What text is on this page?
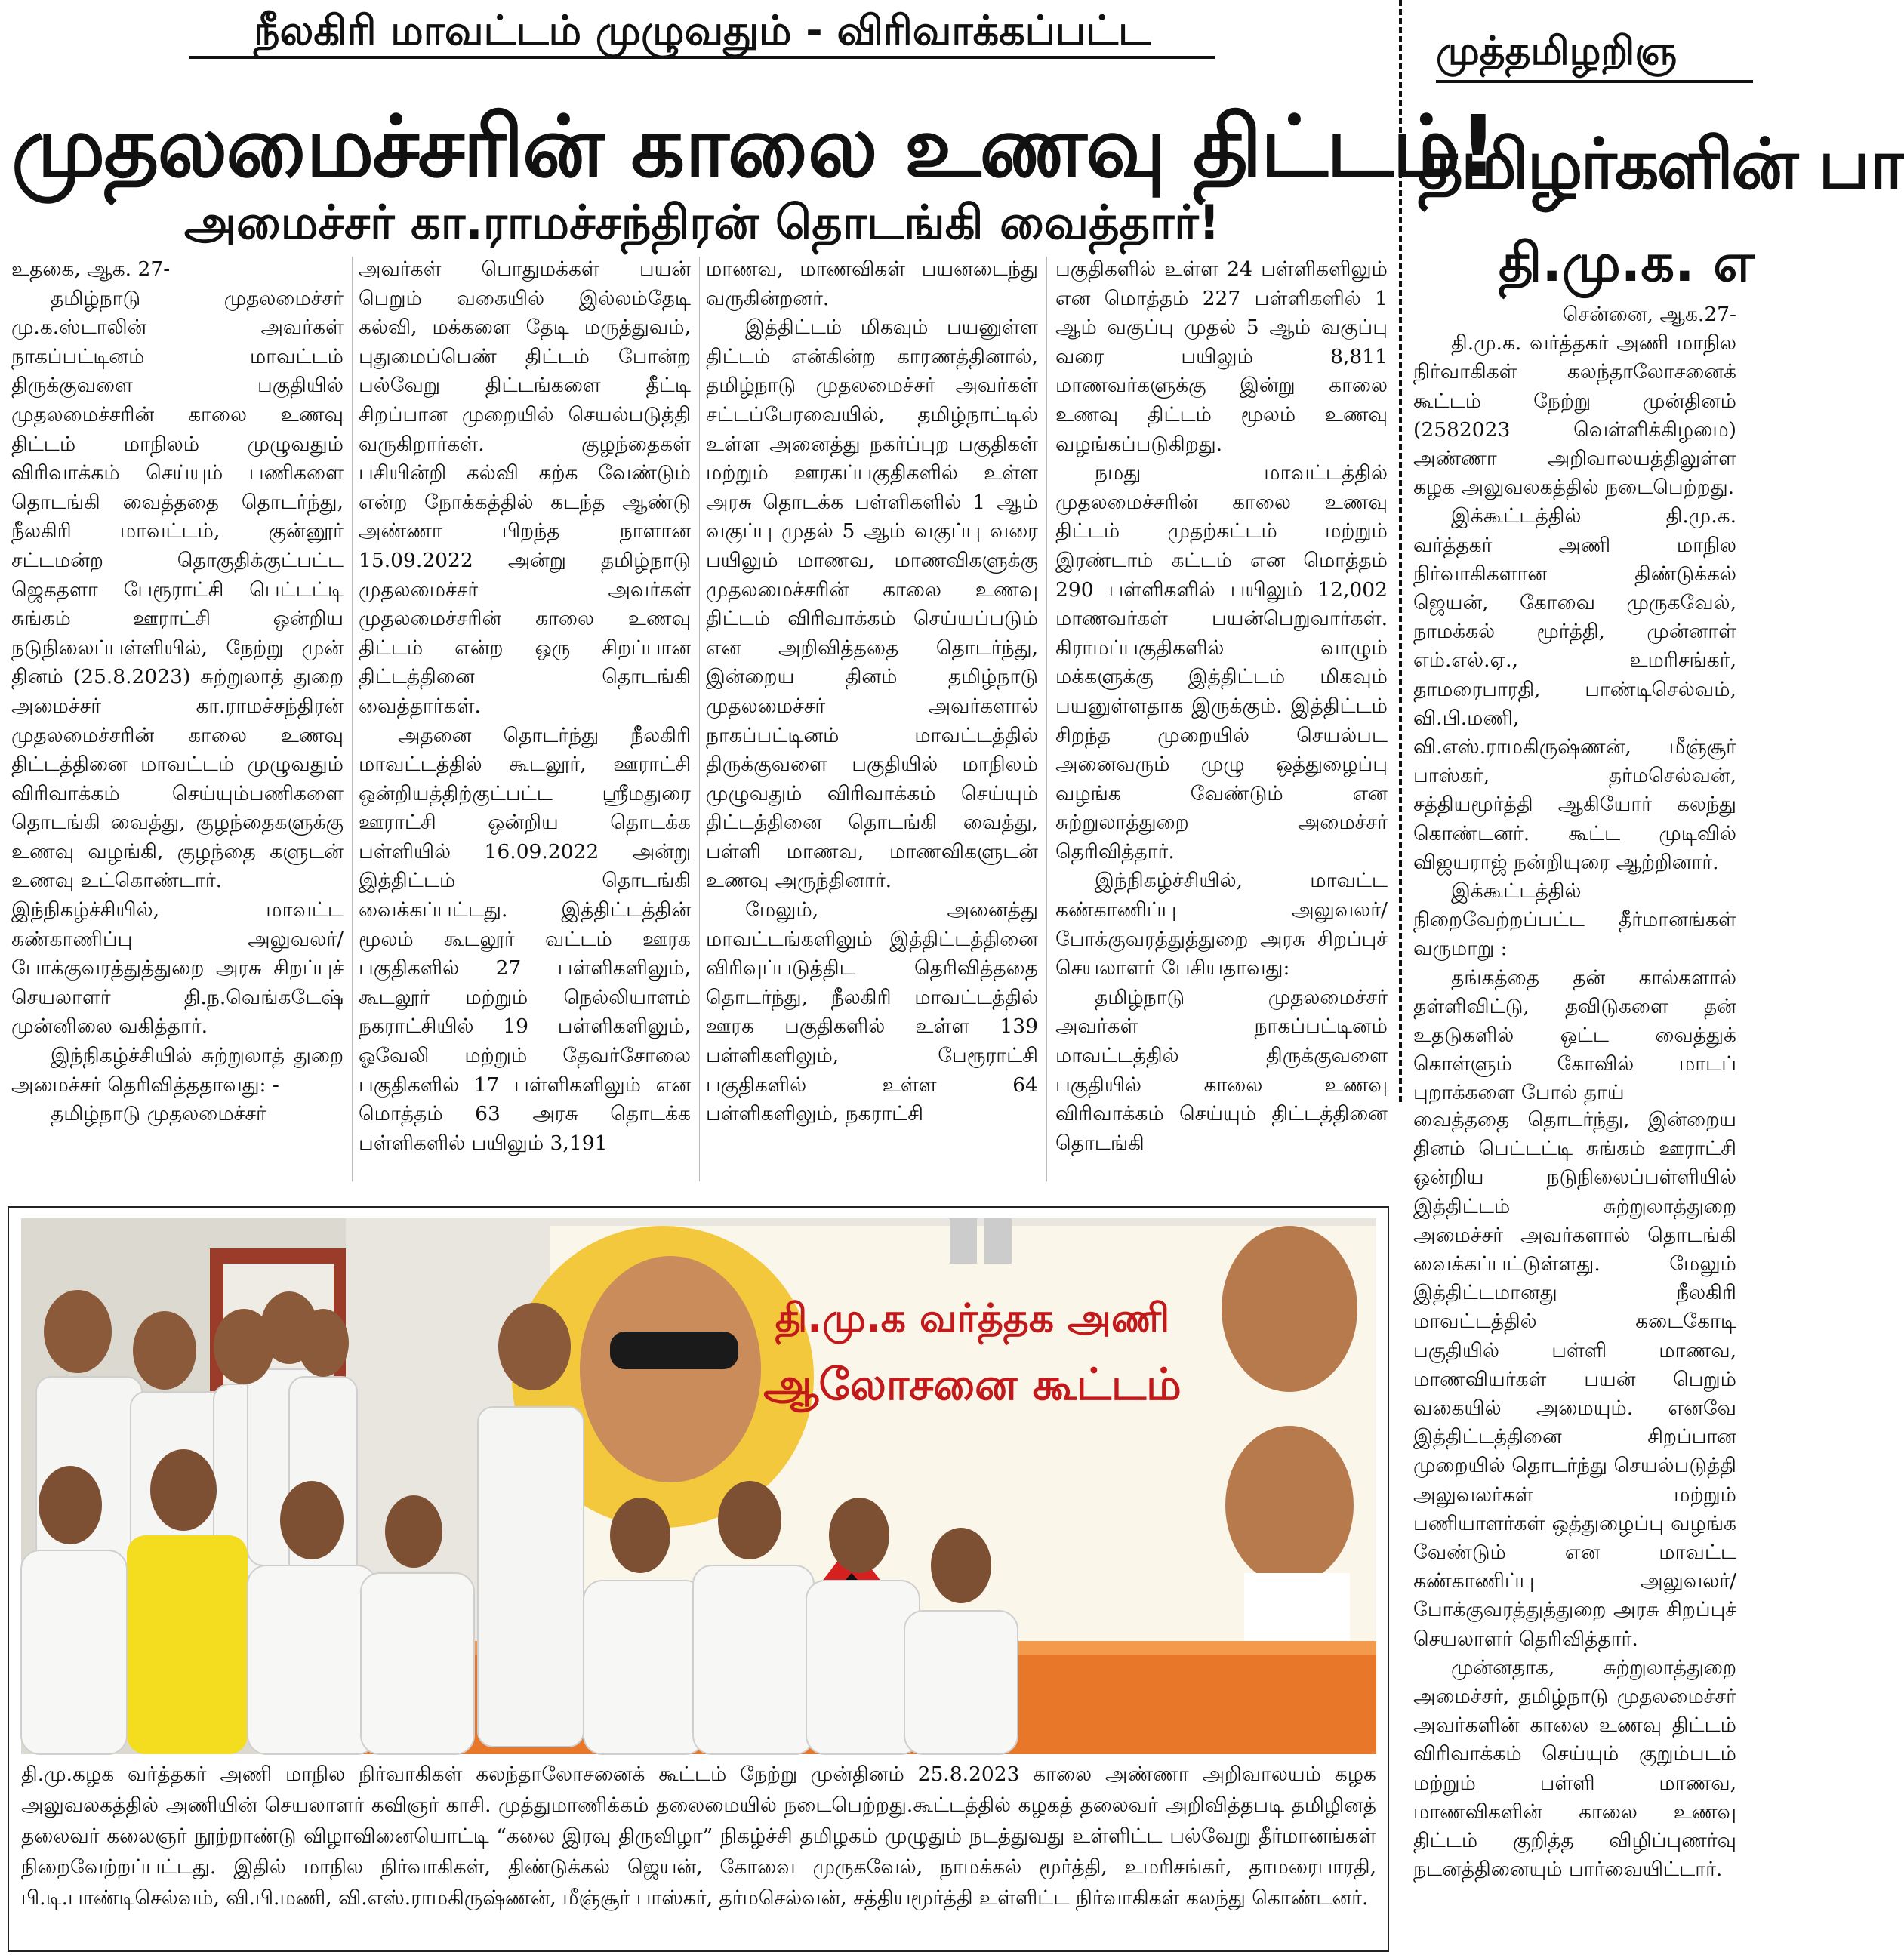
நீலகிரி மாவட்டம் முழுவதும் - விரிவாக்கப்பட்ட
முதலமைச்சரின் காலை உணவு திட்டம்!
அமைச்சர் கா.ராமச்சந்திரன் தொடங்கி வைத்தார்!

உதகை, ஆக. 27-

தமிழ்நாடு முதலமைச்சர் மு.க.ஸ்டாலின் அவர்கள் நாகப்பட்டினம் மாவட்டம் திருக்குவளை பகுதியில் முதலமைச்சரின் காலை உணவு திட்டம் மாநிலம் முழுவதும் விரிவாக்கம் செய்யும் பணிகளை தொடங்கி வைத்ததை தொடர்ந்து, நீலகிரி மாவட்டம், குன்னூர் சட்டமன்ற தொகுதிக்குட்பட்ட ஜெகதளா பேரூராட்சி பெட்டட்டி சுங்கம் ஊராட்சி ஒன்றிய நடுநிலைப்பள்ளியில், நேற்று முன் தினம் (25.8.2023) சுற்றுலாத் துறை அமைச்சர் கா.ராமச்சந்திரன் முதலமைச்சரின் காலை உணவு திட்டத்தினை மாவட்டம் முழுவதும் விரிவாக்கம் செய்யும்பணிகளை தொடங்கி வைத்து, குழந்தைகளுக்கு உணவு வழங்கி, குழந்தை களுடன் உணவு உட்கொண்டார்.

இந்நிகழ்ச்சியில், மாவட்ட கண்காணிப்பு அலுவலர்/ போக்குவரத்துத்துறை அரசு சிறப்புச் செயலாளர் தி.ந.வெங்கடேஷ் முன்னிலை வகித்தார்.

இந்நிகழ்ச்சியில் சுற்றுலாத் துறை அமைச்சர் தெரிவித்ததாவது: -

தமிழ்நாடு முதலமைச்சர்

அவர்கள் பொதுமக்கள் பயன் பெறும் வகையில் இல்லம்தேடி கல்வி, மக்களை தேடி மருத்துவம், புதுமைப்பெண் திட்டம் போன்ற பல்வேறு திட்டங்களை தீட்டி சிறப்பான முறையில் செயல்படுத்தி வருகிறார்கள். குழந்தைகள் பசியின்றி கல்வி கற்க வேண்டும் என்ற நோக்கத்தில் கடந்த ஆண்டு அண்ணா பிறந்த நாளான 15.09.2022 அன்று தமிழ்நாடு முதலமைச்சர் அவர்கள் முதலமைச்சரின் காலை உணவு திட்டம் என்ற ஒரு சிறப்பான திட்டத்தினை தொடங்கி வைத்தார்கள்.

அதனை தொடர்ந்து நீலகிரி மாவட்டத்தில் கூடலூர், ஊராட்சி ஒன்றியத்திற்குட்பட்ட ஸ்ரீமதுரை ஊராட்சி ஒன்றிய தொடக்க பள்ளியில் 16.09.2022 அன்று இத்திட்டம் தொடங்கி வைக்கப்பட்டது. இத்திட்டத்தின் மூலம் கூடலூர் வட்டம் ஊரக பகுதிகளில் 27 பள்ளிகளிலும், கூடலூர் மற்றும் நெல்லியாளம் நகராட்சியில் 19 பள்ளிகளிலும், ஓவேலி மற்றும் தேவர்சோலை பகுதிகளில் 17 பள்ளிகளிலும் என மொத்தம் 63 அரசு தொடக்க பள்ளிகளில் பயிலும் 3,191

மாணவ, மாணவிகள் பயனடைந்து வருகின்றனர்.

இத்திட்டம் மிகவும் பயனுள்ள திட்டம் என்கின்ற காரணத்தினால், தமிழ்நாடு முதலமைச்சர் அவர்கள் சட்டப்பேரவையில், தமிழ்நாட்டில் உள்ள அனைத்து நகர்ப்புற பகுதிகள் மற்றும் ஊரகப்பகுதிகளில் உள்ள அரசு தொடக்க பள்ளிகளில் 1 ஆம் வகுப்பு முதல் 5 ஆம் வகுப்பு வரை பயிலும் மாணவ, மாணவிகளுக்கு முதலமைச்சரின் காலை உணவு திட்டம் விரிவாக்கம் செய்யப்படும் என அறிவித்ததை தொடர்ந்து, இன்றைய தினம் தமிழ்நாடு முதலமைச்சர் அவர்களால் நாகப்பட்டினம் மாவட்டத்தில் திருக்குவளை பகுதியில் மாநிலம் முழுவதும் விரிவாக்கம் செய்யும் திட்டத்தினை தொடங்கி வைத்து, பள்ளி மாணவ, மாணவிகளுடன் உணவு அருந்தினார்.

மேலும், அனைத்து மாவட்டங்களிலும் இத்திட்டத்தினை விரிவுப்படுத்திட தெரிவித்ததை தொடர்ந்து, நீலகிரி மாவட்டத்தில் ஊரக பகுதிகளில் உள்ள 139 பள்ளிகளிலும், பேரூராட்சி பகுதிகளில் உள்ள 64 பள்ளிகளிலும், நகராட்சி

பகுதிகளில் உள்ள 24 பள்ளிகளிலும் என மொத்தம் 227 பள்ளிகளில் 1 ஆம் வகுப்பு முதல் 5 ஆம் வகுப்பு வரை பயிலும் 8,811 மாணவர்களுக்கு இன்று காலை உணவு திட்டம் மூலம் உணவு வழங்கப்படுகிறது.

நமது மாவட்டத்தில் முதலமைச்சரின் காலை உணவு திட்டம் முதற்கட்டம் மற்றும் இரண்டாம் கட்டம் என மொத்தம் 290 பள்ளிகளில் பயிலும் 12,002 மாணவர்கள் பயன்பெறுவார்கள். கிராமப்பகுதிகளில் வாழும் மக்களுக்கு இத்திட்டம் மிகவும் பயனுள்ளதாக இருக்கும். இத்திட்டம் சிறந்த முறையில் செயல்பட அனைவரும் முழு ஒத்துழைப்பு வழங்க வேண்டும் என சுற்றுலாத்துறை அமைச்சர் தெரிவித்தார்.

இந்நிகழ்ச்சியில், மாவட்ட கண்காணிப்பு அலுவலர்/ போக்குவரத்துத்துறை அரசு சிறப்புச் செயலாளர் பேசியதாவது:

தமிழ்நாடு முதலமைச்சர் அவர்கள் நாகப்பட்டினம் மாவட்டத்தில் திருக்குவளை பகுதியில் காலை உணவு விரிவாக்கம் செய்யும் திட்டத்தினை தொடங்கி

முத்தமிழறிஞ
தமிழர்களின் பா
தி.மு.க. எ

சென்னை, ஆக.27-

தி.மு.க. வர்த்தகர் அணி மாநில நிர்வாகிகள் கலந்தாலோசனைக் கூட்டம் நேற்று முன்தினம் (2582023 வெள்ளிக்கிழமை) அண்ணா அறிவாலயத்திலுள்ள கழக அலுவலகத்தில் நடைபெற்றது.

இக்கூட்டத்தில் தி.மு.க. வர்த்தகர் அணி மாநில நிர்வாகிகளான திண்டுக்கல் ஜெயன், கோவை முருகவேல், நாமக்கல் மூர்த்தி, முன்னாள் எம்.எல்.ஏ., உமரிசங்கர், தாமரைபாரதி, பாண்டிசெல்வம், வி.பி.மணி, வி.எஸ்.ராமகிருஷ்ணன், மீஞ்சூர் பாஸ்கர், தர்மசெல்வன், சத்தியமூர்த்தி ஆகியோர் கலந்து கொண்டனர். கூட்ட முடிவில் விஜயராஜ் நன்றியுரை ஆற்றினார்.

இக்கூட்டத்தில் நிறைவேற்றப்பட்ட தீர்மானங்கள் வருமாறு :

தங்கத்தை தன் கால்களால் தள்ளிவிட்டு, தவிடுகளை தன் உதடுகளில் ஒட்ட வைத்துக் கொள்ளும் கோவில் மாடப் புறாக்களை போல் தாய்

வைத்ததை தொடர்ந்து, இன்றைய தினம் பெட்டட்டி சுங்கம் ஊராட்சி ஒன்றிய நடுநிலைப்பள்ளியில் இத்திட்டம் சுற்றுலாத்துறை அமைச்சர் அவர்களால் தொடங்கி வைக்கப்பட்டுள்ளது. மேலும் இத்திட்டமானது நீலகிரி மாவட்டத்தில் கடைகோடி பகுதியில் பள்ளி மாணவ, மாணவியர்கள் பயன் பெறும் வகையில் அமையும். எனவே இத்திட்டத்தினை சிறப்பான முறையில் தொடர்ந்து செயல்படுத்தி அலுவலர்கள் மற்றும் பணியாளர்கள் ஒத்துழைப்பு வழங்க வேண்டும் என மாவட்ட கண்காணிப்பு அலுவலர்/ போக்குவரத்துத்துறை அரசு சிறப்புச் செயலாளர் தெரிவித்தார்.

முன்னதாக, சுற்றுலாத்துறை அமைச்சர், தமிழ்நாடு முதலமைச்சர் அவர்களின் காலை உணவு திட்டம் விரிவாக்கம் செய்யும் குறும்படம் மற்றும் பள்ளி மாணவ, மாணவிகளின் காலை உணவு திட்டம் குறித்த விழிப்புணர்வு நடனத்தினையும் பார்வையிட்டார்.

தி.மு.க வர்த்தக அணி
ஆலோசனை கூட்டம்
தி.மு.கழக வர்த்தகர் அணி மாநில நிர்வாகிகள் கலந்தாலோசனைக் கூட்டம் நேற்று முன்தினம் 25.8.2023 காலை அண்ணா அறிவாலயம் கழக அலுவலகத்தில் அணியின் செயலாளர் கவிஞர் காசி. முத்துமாணிக்கம் தலைமையில் நடைபெற்றது.கூட்டத்தில் கழகத் தலைவர் அறிவித்தபடி தமிழினத் தலைவர் கலைஞர் நூற்றாண்டு விழாவினையொட்டி “கலை இரவு திருவிழா” நிகழ்ச்சி தமிழகம் முழுதும் நடத்துவது உள்ளிட்ட பல்வேறு தீர்மானங்கள் நிறைவேற்றப்பட்டது. இதில் மாநில நிர்வாகிகள், திண்டுக்கல் ஜெயன், கோவை முருகவேல், நாமக்கல் மூர்த்தி, உமரிசங்கர், தாமரைபாரதி, பி.டி.பாண்டிசெல்வம், வி.பி.மணி, வி.எஸ்.ராமகிருஷ்ணன், மீஞ்சூர் பாஸ்கர், தர்மசெல்வன், சத்தியமூர்த்தி உள்ளிட்ட நிர்வாகிகள் கலந்து கொண்டனர்.
